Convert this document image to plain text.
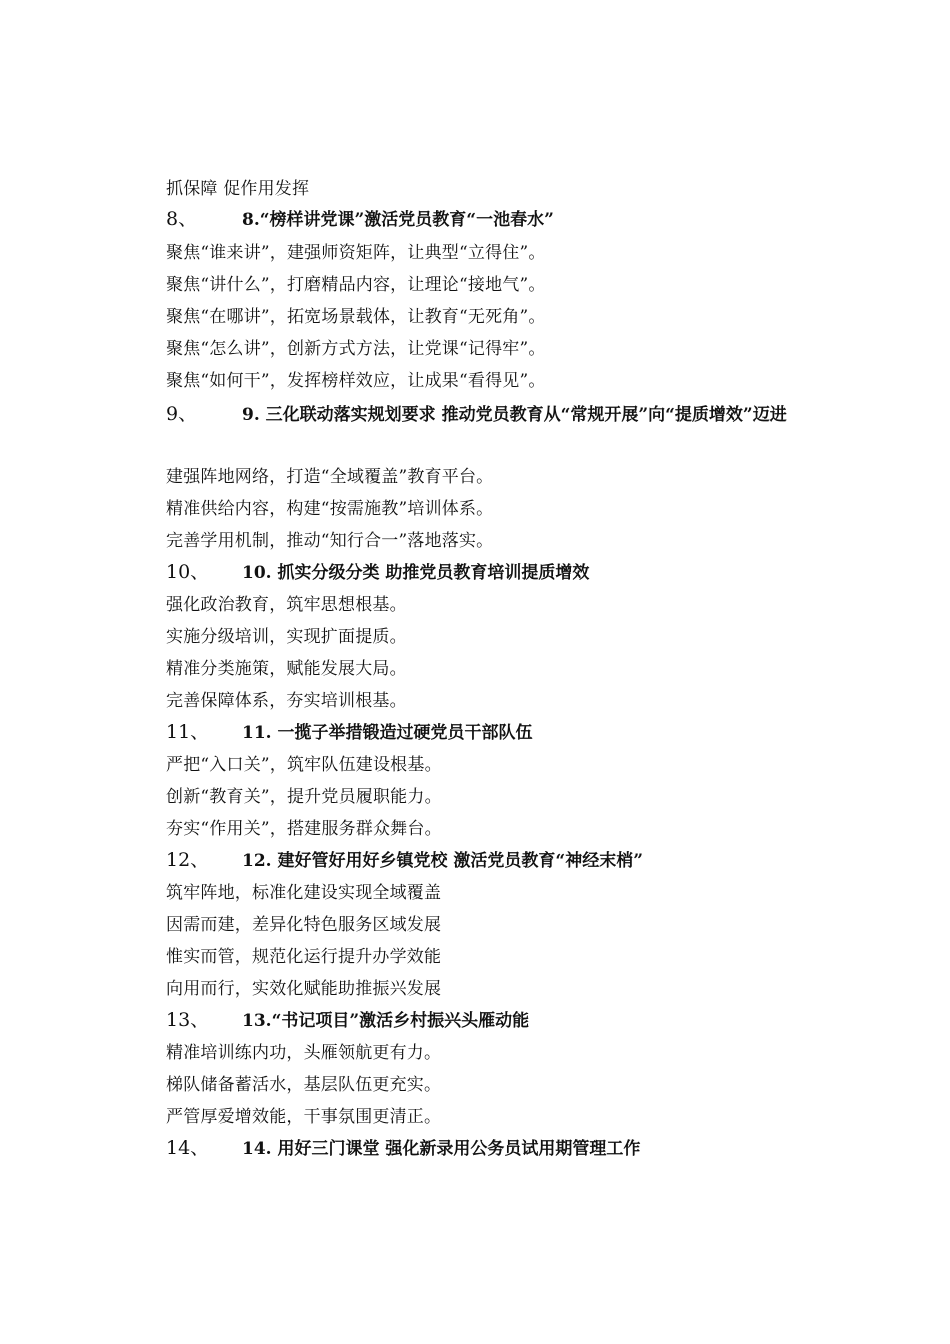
抓保障 促作用发挥
8、	8.“榜样讲党课”激活党员教育“一池春水”
聚焦“谁来讲”，建强师资矩阵，让典型“立得住”。
聚焦“讲什么”，打磨精品内容，让理论“接地气”。
聚焦“在哪讲”，拓宽场景载体，让教育“无死角”。
聚焦“怎么讲”，创新方式方法，让党课“记得牢”。
聚焦“如何干”，发挥榜样效应，让成果“看得见”。
9、	9. 三化联动落实规划要求 推动党员教育从“常规开展”向“提质增效”迈进
建强阵地网络，打造“全域覆盖”教育平台。
精准供给内容，构建“按需施教”培训体系。
完善学用机制，推动“知行合一”落地落实。
10、 10. 抓实分级分类 助推党员教育培训提质增效
强化政治教育，筑牢思想根基。
实施分级培训，实现扩面提质。
精准分类施策，赋能发展大局。
完善保障体系，夯实培训根基。
11、 11. 一揽子举措锻造过硬党员干部队伍
严把“入口关”，筑牢队伍建设根基。
创新“教育关”，提升党员履职能力。
夯实“作用关”，搭建服务群众舞台。
12、 12. 建好管好用好乡镇党校 激活党员教育“神经末梢”
筑牢阵地，标准化建设实现全域覆盖
因需而建，差异化特色服务区域发展
惟实而管，规范化运行提升办学效能
向用而行，实效化赋能助推振兴发展
13、 13.“书记项目”激活乡村振兴头雁动能
精准培训练内功，头雁领航更有力。
梯队储备蓄活水，基层队伍更充实。
严管厚爱增效能，干事氛围更清正。
14、 14. 用好三门课堂 强化新录用公务员试用期管理工作
